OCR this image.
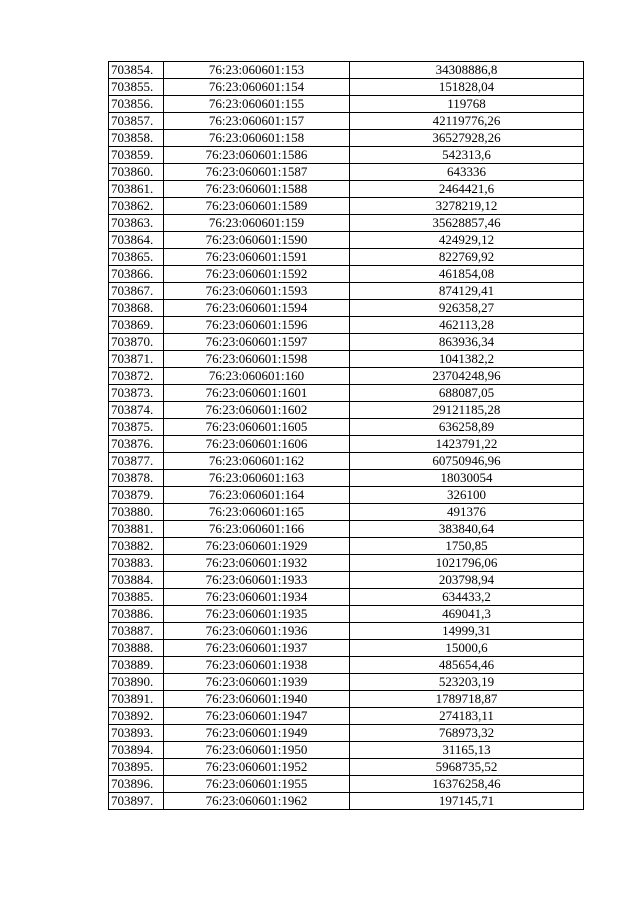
703854.	76:23:060601:153	34308886,8
703855.	76:23:060601:154	151828,04
703856.	76:23:060601:155	119768
703857.	76:23:060601:157	42119776,26
703858.	76:23:060601:158	36527928,26
703859.	76:23:060601:1586	542313,6
703860.	76:23:060601:1587	643336
703861.	76:23:060601:1588	2464421,6
703862.	76:23:060601:1589	3278219,12
703863.	76:23:060601:159	35628857,46
703864.	76:23:060601:1590	424929,12
703865.	76:23:060601:1591	822769,92
703866.	76:23:060601:1592	461854,08
703867.	76:23:060601:1593	874129,41
703868.	76:23:060601:1594	926358,27
703869.	76:23:060601:1596	462113,28
703870.	76:23:060601:1597	863936,34
703871.	76:23:060601:1598	1041382,2
703872.	76:23:060601:160	23704248,96
703873.	76:23:060601:1601	688087,05
703874.	76:23:060601:1602	29121185,28
703875.	76:23:060601:1605	636258,89
703876.	76:23:060601:1606	1423791,22
703877.	76:23:060601:162	60750946,96
703878.	76:23:060601:163	18030054
703879.	76:23:060601:164	326100
703880.	76:23:060601:165	491376
703881.	76:23:060601:166	383840,64
703882.	76:23:060601:1929	1750,85
703883.	76:23:060601:1932	1021796,06
703884.	76:23:060601:1933	203798,94
703885.	76:23:060601:1934	634433,2
703886.	76:23:060601:1935	469041,3
703887.	76:23:060601:1936	14999,31
703888.	76:23:060601:1937	15000,6
703889.	76:23:060601:1938	485654,46
703890.	76:23:060601:1939	523203,19
703891.	76:23:060601:1940	1789718,87
703892.	76:23:060601:1947	274183,11
703893.	76:23:060601:1949	768973,32
703894.	76:23:060601:1950	31165,13
703895.	76:23:060601:1952	5968735,52
703896.	76:23:060601:1955	16376258,46
703897.	76:23:060601:1962	197145,71
